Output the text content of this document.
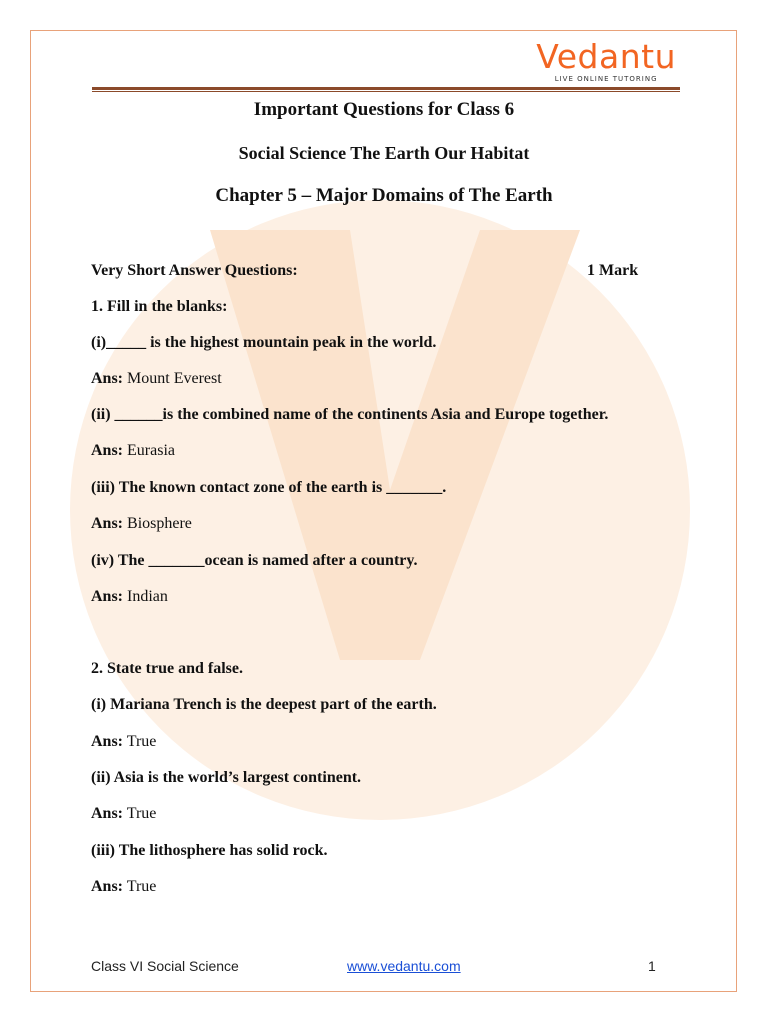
Vedantu
LIVE ONLINE TUTORING
Important Questions for Class 6
Social Science The Earth Our Habitat
Chapter 5 – Major Domains of The Earth
Very Short Answer Questions:	1 Mark
1. Fill in the blanks:
(i)_____ is the highest mountain peak in the world.
Ans: Mount Everest
(ii) ______is the combined name of the continents Asia and Europe together.
Ans: Eurasia
(iii) The known contact zone of the earth is _______.
Ans: Biosphere
(iv) The _______ocean is named after a country.
Ans: Indian
2. State true and false.
(i) Mariana Trench is the deepest part of the earth.
Ans: True
(ii) Asia is the world’s largest continent.
Ans: True
(iii) The lithosphere has solid rock.
Ans: True
Class VI Social Science	www.vedantu.com	1
